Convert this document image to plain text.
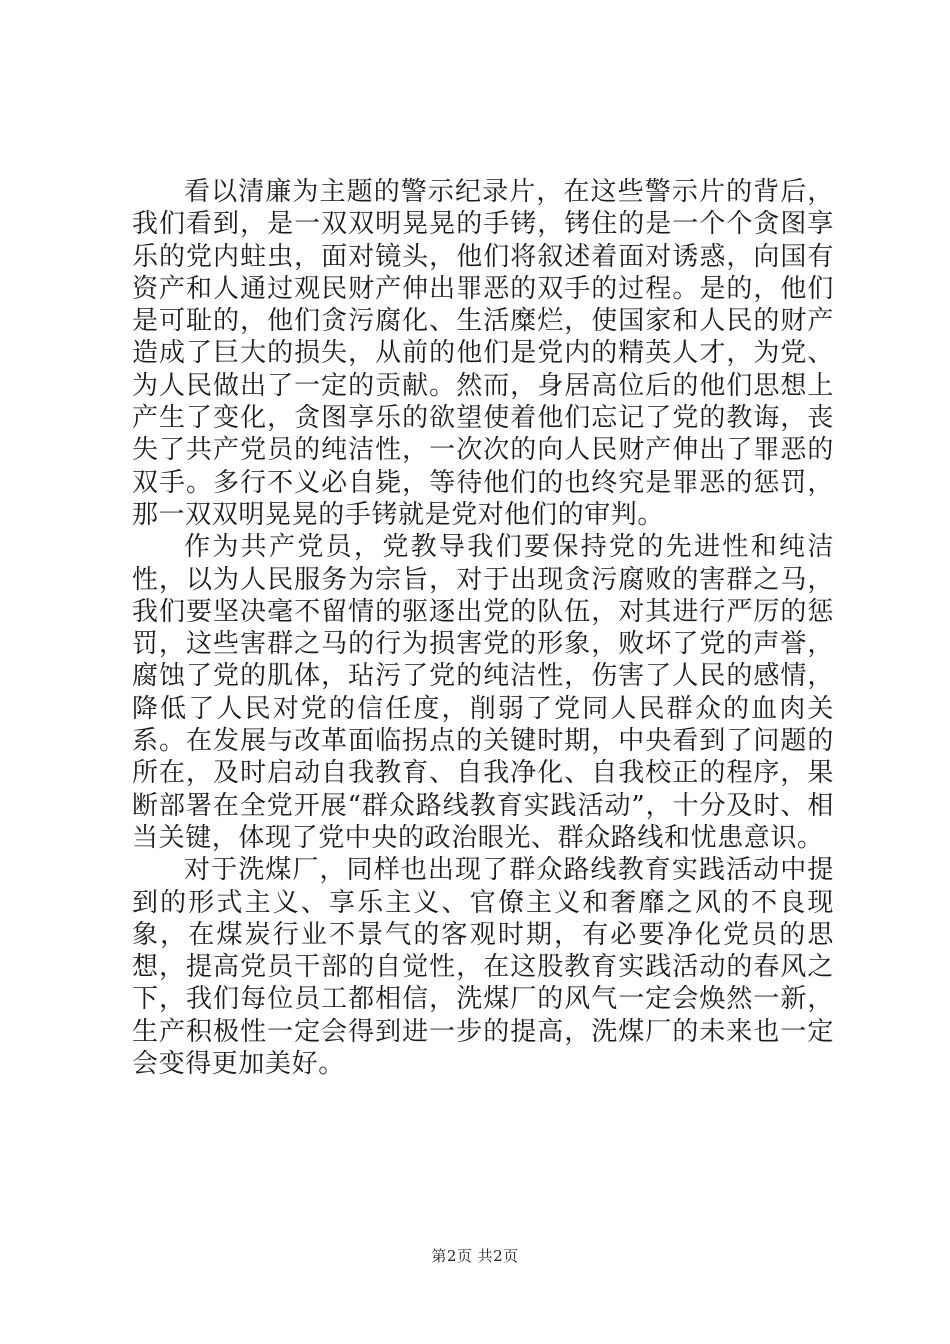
看以清廉为主题的警示纪录片，在这些警示片的背后，我们看到，是一双双明晃晃的手铐，铐住的是一个个贪图享乐的党内蛀虫，面对镜头，他们将叙述着面对诱惑，向国有资产和人通过观民财产伸出罪恶的双手的过程。是的，他们是可耻的，他们贪污腐化、生活糜烂，使国家和人民的财产造成了巨大的损失，从前的他们是党内的精英人才，为党、为人民做出了一定的贡献。然而，身居高位后的他们思想上产生了变化，贪图享乐的欲望使着他们忘记了党的教诲，丧失了共产党员的纯洁性，一次次的向人民财产伸出了罪恶的双手。多行不义必自毙，等待他们的也终究是罪恶的惩罚，那一双双明晃晃的手铐就是党对他们的审判。

作为共产党员，党教导我们要保持党的先进性和纯洁性，以为人民服务为宗旨，对于出现贪污腐败的害群之马，我们要坚决毫不留情的驱逐出党的队伍，对其进行严厉的惩罚，这些害群之马的行为损害党的形象，败坏了党的声誉，腐蚀了党的肌体，玷污了党的纯洁性，伤害了人民的感情，降低了人民对党的信任度，削弱了党同人民群众的血肉关系。在发展与改革面临拐点的关键时期，中央看到了问题的所在，及时启动自我教育、自我净化、自我校正的程序，果断部署在全党开展“群众路线教育实践活动”，十分及时、相当关键，体现了党中央的政治眼光、群众路线和忧患意识。

对于洗煤厂，同样也出现了群众路线教育实践活动中提到的形式主义、享乐主义、官僚主义和奢靡之风的不良现象，在煤炭行业不景气的客观时期，有必要净化党员的思想，提高党员干部的自觉性，在这股教育实践活动的春风之下，我们每位员工都相信，洗煤厂的风气一定会焕然一新，生产积极性一定会得到进一步的提高，洗煤厂的未来也一定会变得更加美好。

第2页 共2页
